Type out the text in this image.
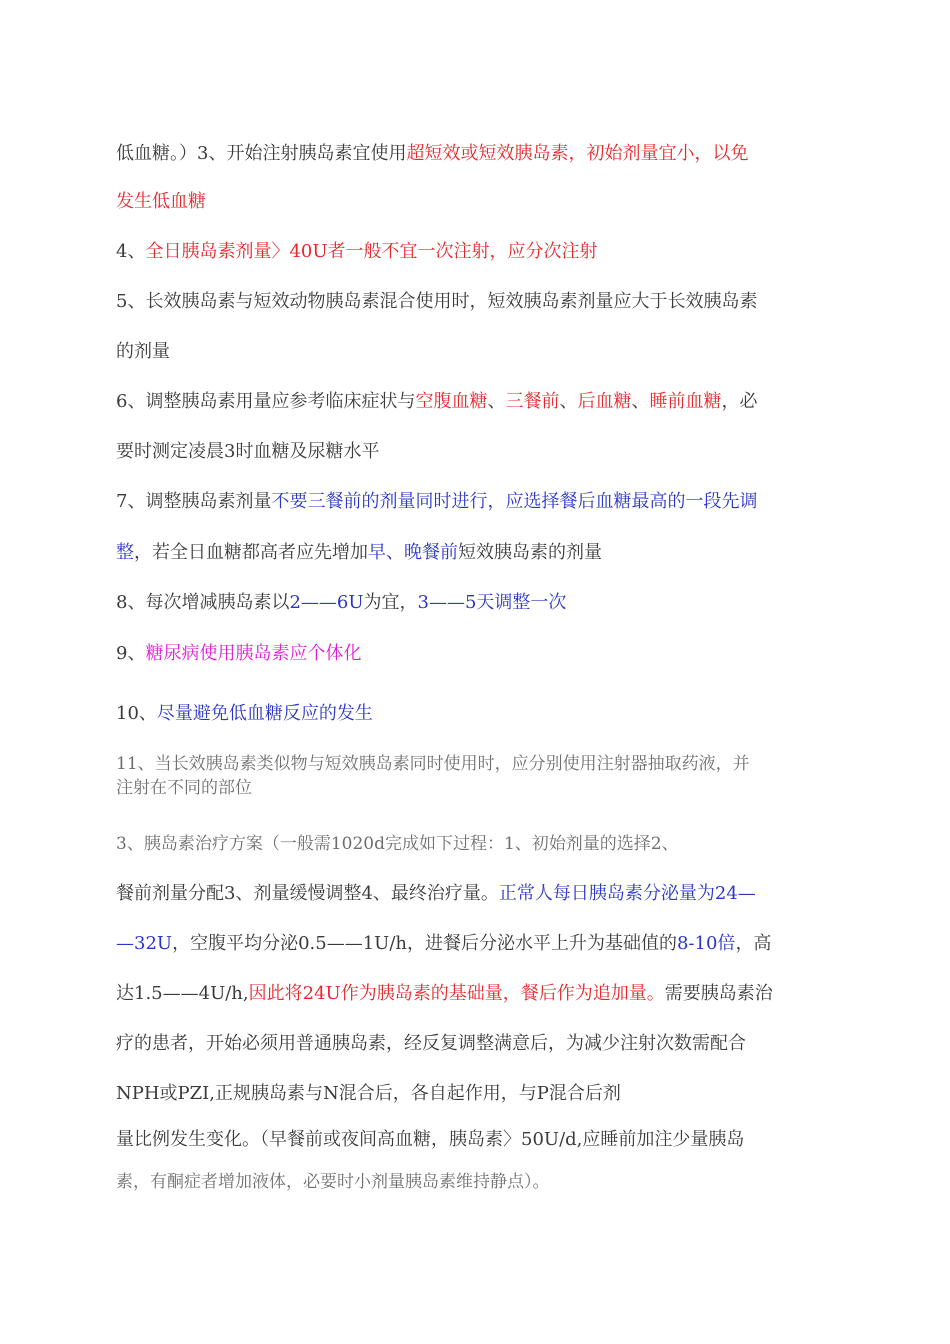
低血糖。）3、开始注射胰岛素宜使用超短效或短效胰岛素，初始剂量宜小，以免
发生低血糖
4、全日胰岛素剂量〉40U者一般不宜一次注射，应分次注射
5、长效胰岛素与短效动物胰岛素混合使用时，短效胰岛素剂量应大于长效胰岛素
的剂量
6、调整胰岛素用量应参考临床症状与空腹血糖、三餐前、后血糖、睡前血糖，必
要时测定凌晨3时血糖及尿糖水平
7、调整胰岛素剂量不要三餐前的剂量同时进行，应选择餐后血糖最高的一段先调
整，若全日血糖都高者应先增加早、晚餐前短效胰岛素的剂量
8、每次增减胰岛素以2——6U为宜，3——5天调整一次
9、糖尿病使用胰岛素应个体化
10、尽量避免低血糖反应的发生
11、当长效胰岛素类似物与短效胰岛素同时使用时，应分别使用注射器抽取药液，并
注射在不同的部位
3、胰岛素治疗方案（一般需1020d完成如下过程：1、初始剂量的选择2、
餐前剂量分配3、剂量缓慢调整4、最终治疗量。正常人每日胰岛素分泌量为24—
—32U，空腹平均分泌0.5——1U/h，进餐后分泌水平上升为基础值的8-10倍，高
达1.5——4U/h,因此将24U作为胰岛素的基础量，餐后作为追加量。需要胰岛素治
疗的患者，开始必须用普通胰岛素，经反复调整满意后，为减少注射次数需配合
NPH或PZI,正规胰岛素与N混合后，各自起作用，与P混合后剂
量比例发生变化。（早餐前或夜间高血糖，胰岛素〉50U/d,应睡前加注少量胰岛
素，有酮症者增加液体，必要时小剂量胰岛素维持静点）。
